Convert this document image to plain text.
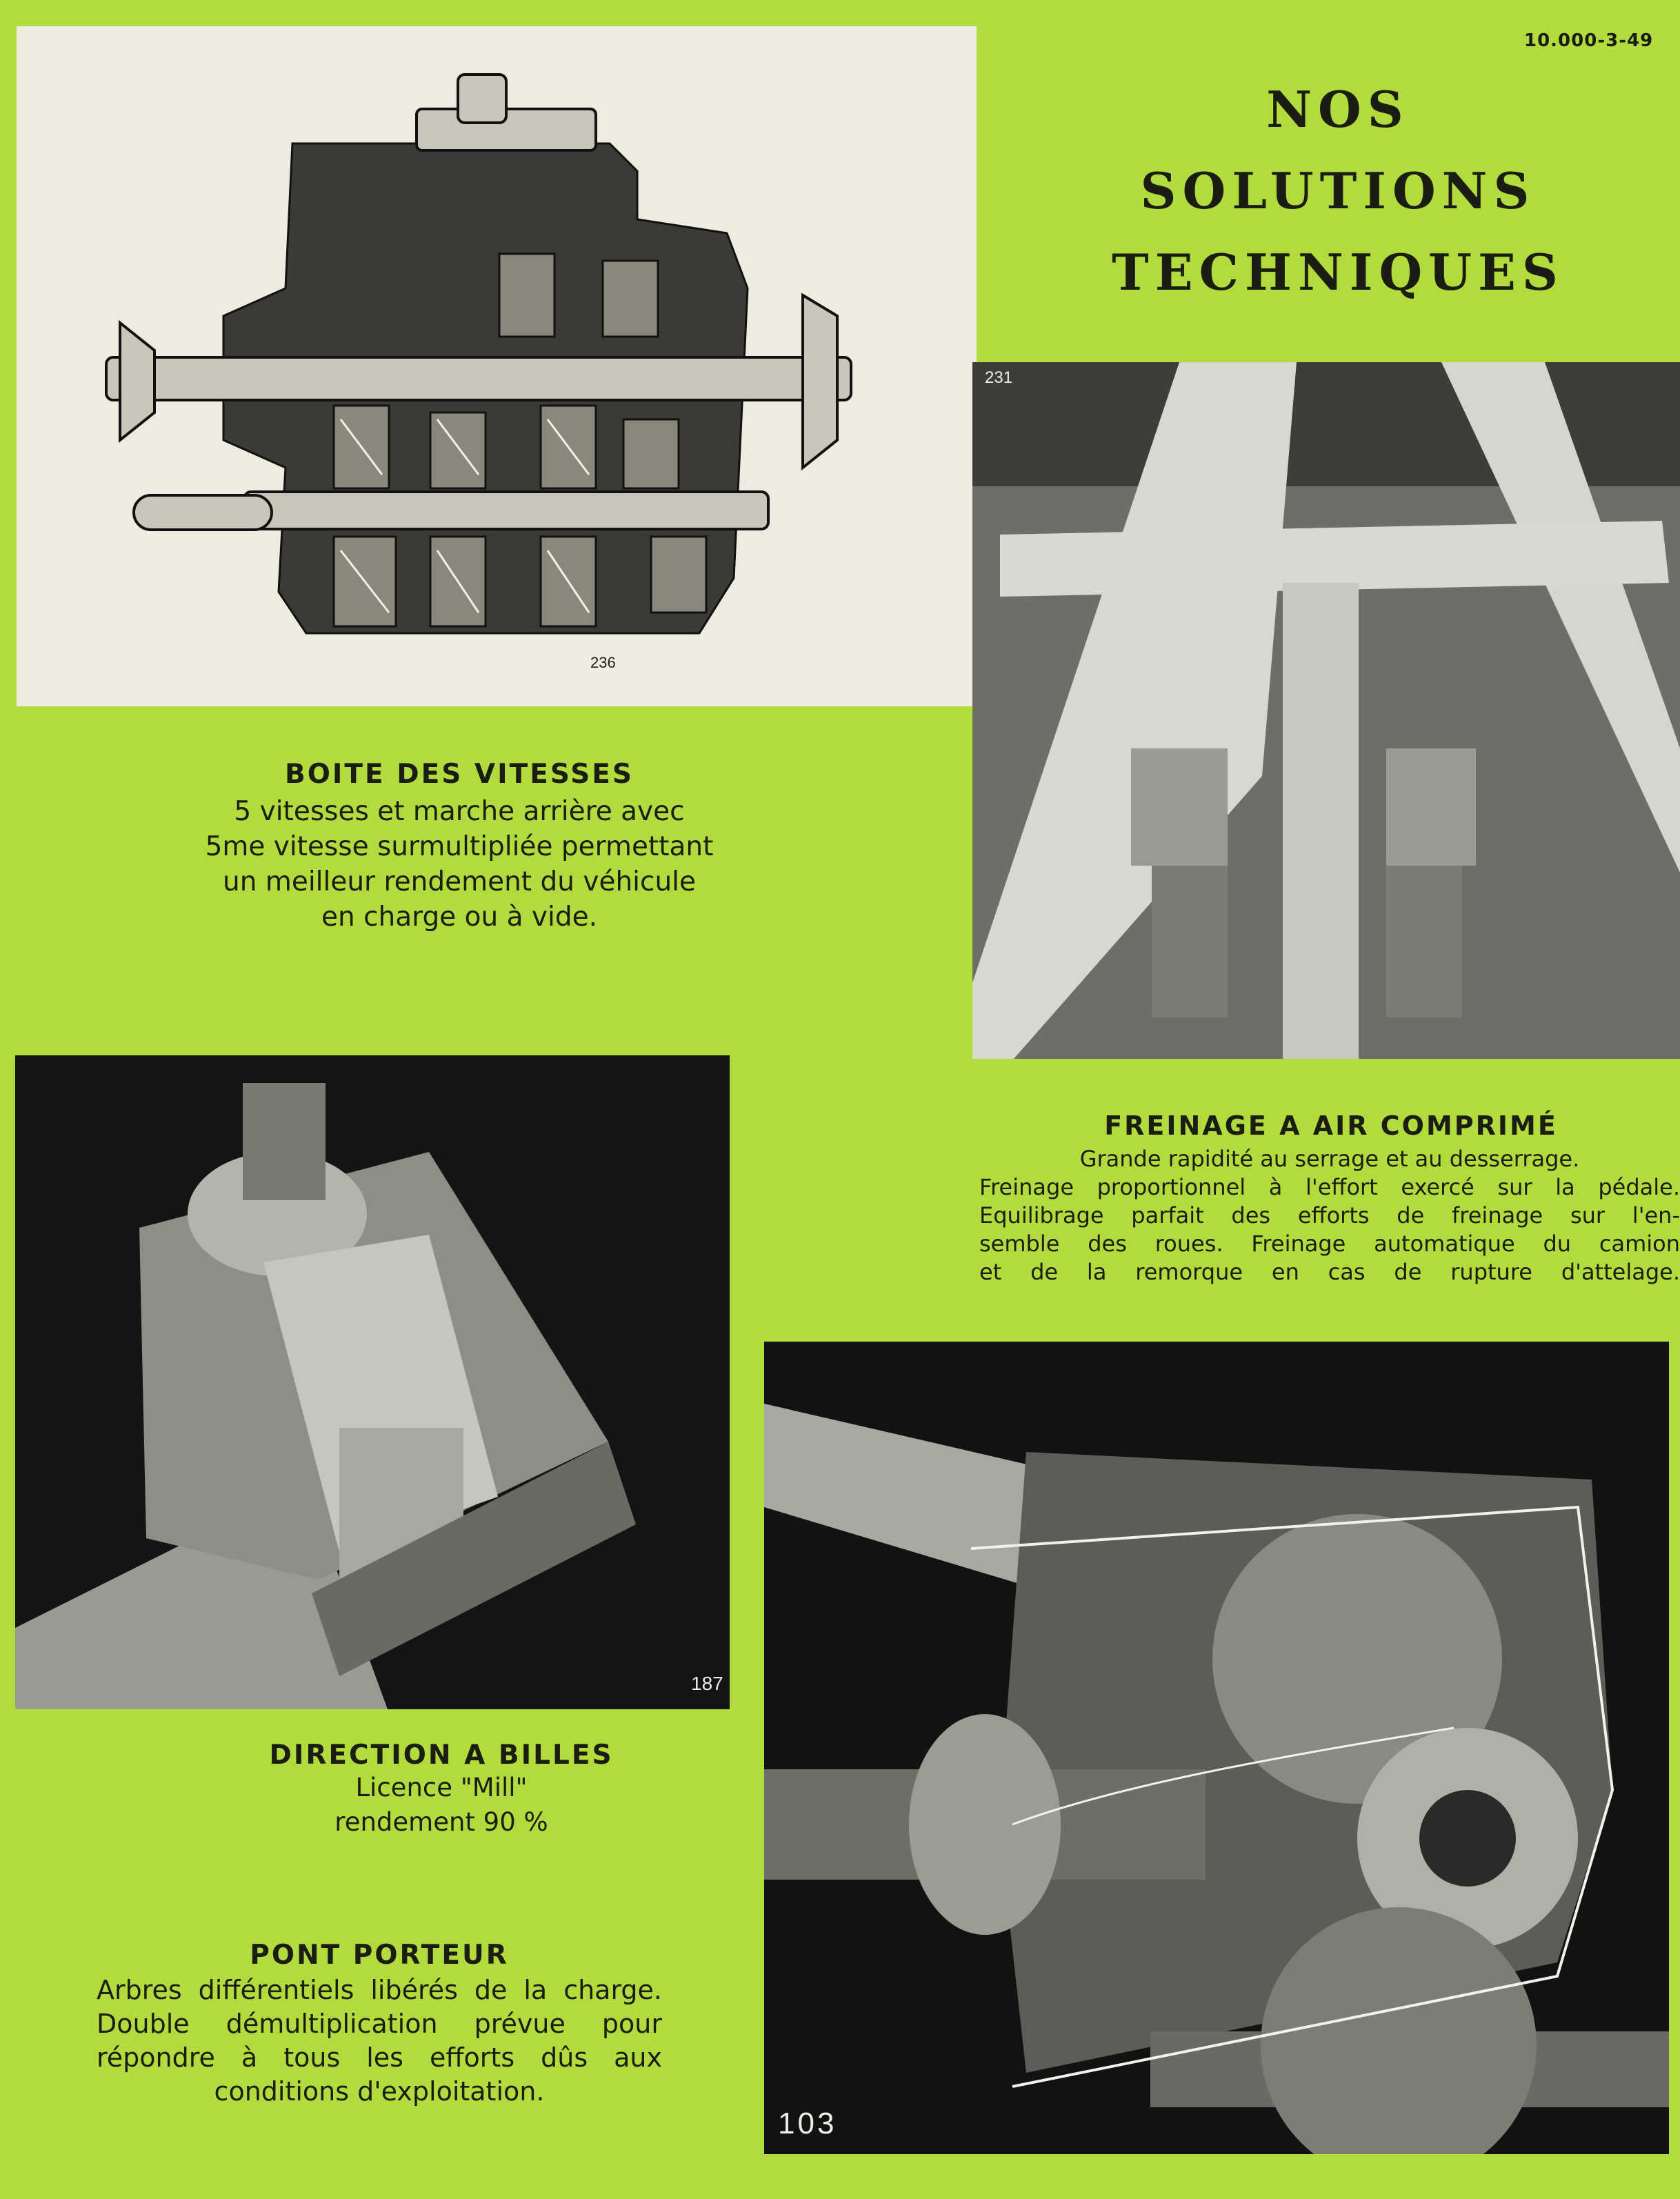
10.000-3-49
NOS
SOLUTIONS
TECHNIQUES
236
231
187
103
BOITE DES VITESSES

5 vitesses et marche arrière avec

5me vitesse surmultipliée permettant

un meilleur rendement du véhicule

en charge ou à vide.

FREINAGE A AIR COMPRIMÉ

Grande rapidité au serrage et au desserrage.

Freinage proportionnel à l'effort exercé sur la pédale.

Equilibrage parfait des efforts de freinage sur l'en-

semble des roues. Freinage automatique du camion

et de la remorque en cas de rupture d'attelage.

DIRECTION A BILLES

Licence "Mill"

rendement 90 %

PONT PORTEUR

Arbres différentiels libérés de la charge.

Double démultiplication prévue pour

répondre à tous les efforts dûs aux

conditions d'exploitation.
